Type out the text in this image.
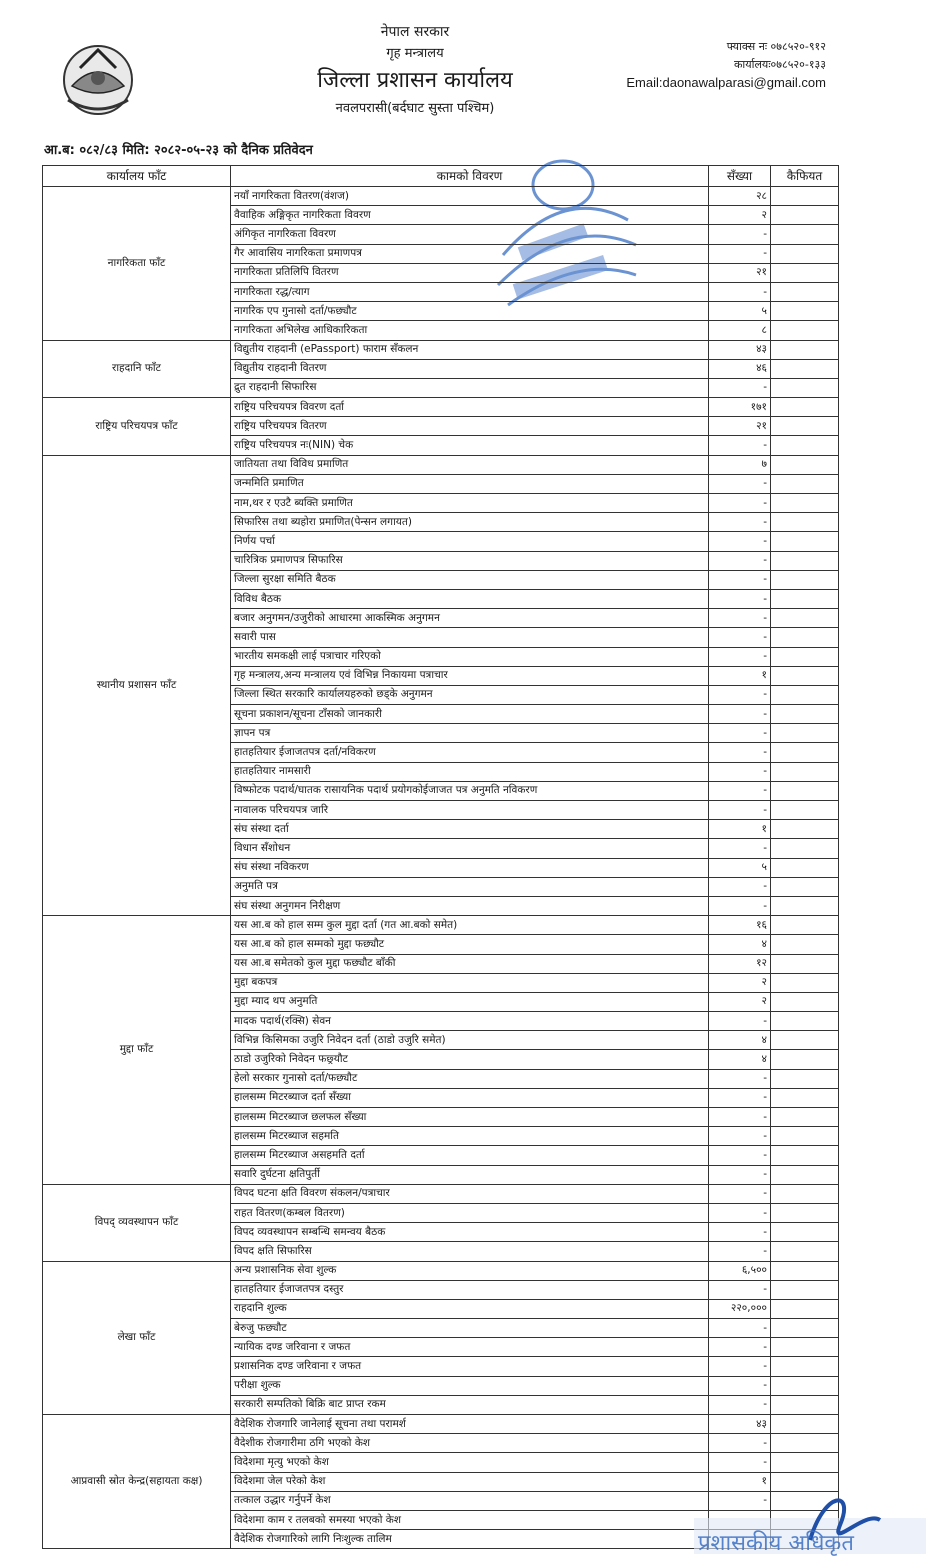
नेपाल सरकार
गृह मन्त्रालय
जिल्ला प्रशासन कार्यालय
नवलपरासी(बर्दघाट सुस्ता पश्चिम)
फ्याक्स नः ०७८५२०-९१२
कार्यालयः०७८५२०-१३३
Email:daonawalparasi@gmail.com
आ.ब: ०८२/८३ मिति: २०८२-०५-२३ को दैनिक प्रतिवेदन
कार्यालय फाँट	कामको विवरण	सँख्या	कैफियत
नागरिकता फाँट	नयाँ नागरिकता वितरण(वंशज)	२८	
	वैवाहिक अङ्गिकृत नागरिकता विवरण	२	
	अंगिकृत नागरिकता विवरण	-	
	गैर आवासिय नागरिकता प्रमाणपत्र	-	
	नागरिकता प्रतिलिपि वितरण	२१	
	नागरिकता रद्ध/त्याग	-	
	नागरिक एप गुनासो दर्ता/फछ्यौट	५	
	नागरिकता अभिलेख आधिकारिकता	८	
राहदानि फाँट	विद्युतीय राहदानी (ePassport) फाराम सँकलन	४३	
	विद्युतीय राहदानी वितरण	४६	
	द्रुत राहदानी सिफारिस	-	
राष्ट्रिय परिचयपत्र फाँट	राष्ट्रिय परिचयपत्र विवरण दर्ता	१७१	
	राष्ट्रिय परिचयपत्र वितरण	२१	
	राष्ट्रिय परिचयपत्र नः(NIN) चेक	-	
स्थानीय प्रशासन फाँट	जातियता तथा विविध प्रमाणित	७	
	जन्ममिति प्रमाणित	-	
	नाम,थर र एउटै ब्यक्ति प्रमाणित	-	
	सिफारिस तथा ब्यहोरा प्रमाणित(पेन्सन लगायत)	-	
	निर्णय पर्चा	-	
	चारित्रिक प्रमाणपत्र सिफारिस	-	
	जिल्ला सुरक्षा समिति बैठक	-	
	विविध बैठक	-	
	बजार अनुगमन/उजुरीको आधारमा आकस्मिक अनुगमन	-	
	सवारी पास	-	
	भारतीय समकक्षी लाई पत्राचार गरिएको	-	
	गृह मन्त्रालय,अन्य मन्त्रालय एवं विभिन्न निकायमा पत्राचार	१	
	जिल्ला स्थित सरकारि कार्यालयहरुको छड्के अनुगमन	-	
	सूचना प्रकाशन/सूचना टाँसको जानकारी	-	
	ज्ञापन पत्र	-	
	हातहतियार ईजाजतपत्र दर्ता/नविकरण	-	
	हातहतियार नामसारी	-	
	विष्फोटक पदार्थ/घातक रासायनिक पदार्थ प्रयोगकोईजाजत पत्र अनुमति नविकरण	-	
	नावालक परिचयपत्र जारि	-	
	संघ संस्था दर्ता	१	
	विधान सँशोधन	-	
	संघ संस्था नविकरण	५	
	अनुमति पत्र	-	
	संघ संस्था अनुगमन निरीक्षण	-	
मुद्दा फाँट	यस आ.ब को हाल सम्म कुल मुद्दा दर्ता (गत आ.बको समेत)	१६	
	यस आ.ब को हाल सम्मको मुद्दा फछ्यौट	४	
	यस आ.ब समेतको कुल मुद्दा फछ्यौट बाँकी	१२	
	मुद्दा बकपत्र	२	
	मुद्दा म्याद थप अनुमति	२	
	मादक पदार्थ(रक्सि) सेवन	-	
	विभिन्न किसिमका उजुरि निवेदन दर्ता (ठाडो उजुरि समेत)	४	
	ठाडो उजुरिको निवेदन फछ्र्यौट	४	
	हेलो सरकार गुनासो दर्ता/फछ्यौट	-	
	हालसम्म मिटरब्याज दर्ता सँख्या	-	
	हालसम्म मिटरब्याज छलफल सँख्या	-	
	हालसम्म मिटरब्याज सहमति	-	
	हालसम्म मिटरब्याज असहमति दर्ता	-	
	सवारि दुर्घटना क्षतिपुर्ती	-	
विपद् व्यवस्थापन फाँट	विपद घटना क्षति विवरण संकलन/पत्राचार	-	
	राहत वितरण(कम्बल वितरण)	-	
	विपद व्यवस्थापन सम्बन्धि समन्वय बैठक	-	
	विपद क्षति सिफारिस	-	
लेखा फाँट	अन्य प्रशासनिक सेवा शुल्क	६,५००	
	हातहतियार ईजाजतपत्र दस्तुर	-	
	राहदानि शुल्क	२२०,०००	
	बेरुजु फछ्यौट	-	
	न्यायिक दण्ड जरिवाना र जफत	-	
	प्रशासनिक दण्ड जरिवाना र जफत	-	
	परीक्षा शुल्क	-	
	सरकारी सम्पतिको बिक्रि बाट प्राप्त रकम	-	
आप्रवासी स्रोत केन्द्र(सहायता कक्ष)	वैदेशिक रोजगारि जानेलाई सूचना तथा परामर्श	४३	
	वैदेशीक रोजगारीमा ठगि भएको केश	-	
	विदेशमा मृत्यु भएको केश	-	
	विदेशमा जेल परेको केश	१	
	तत्काल उद्धार गर्नुपर्ने केश	-	
	विदेशमा काम र तलबको समस्या भएको केश		
	वैदेशिक रोजगारिको लागि निःशुल्क तालिम			प्रशासकीय अधिकृत
